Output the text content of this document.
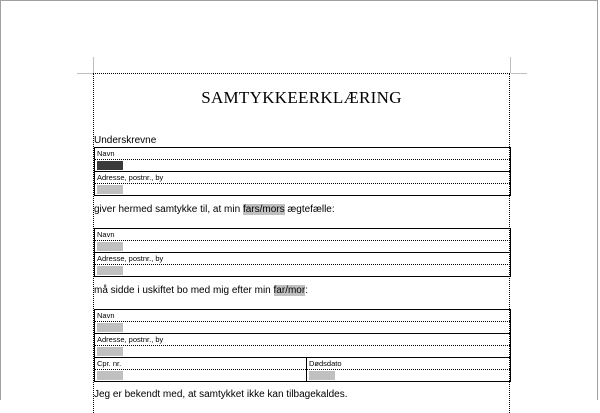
SAMTYKKEERKLÆRING
Underskrevne
Navn
Adresse, postnr., by
giver hermed samtykke til, at min fars/mors ægtefælle:
Navn
Adresse, postnr., by
må sidde i uskiftet bo med mig efter min far/mor:
Navn
Adresse, postnr., by
Cpr. nr.	Dødsdato
Jeg er bekendt med, at samtykket ikke kan tilbagekaldes.
